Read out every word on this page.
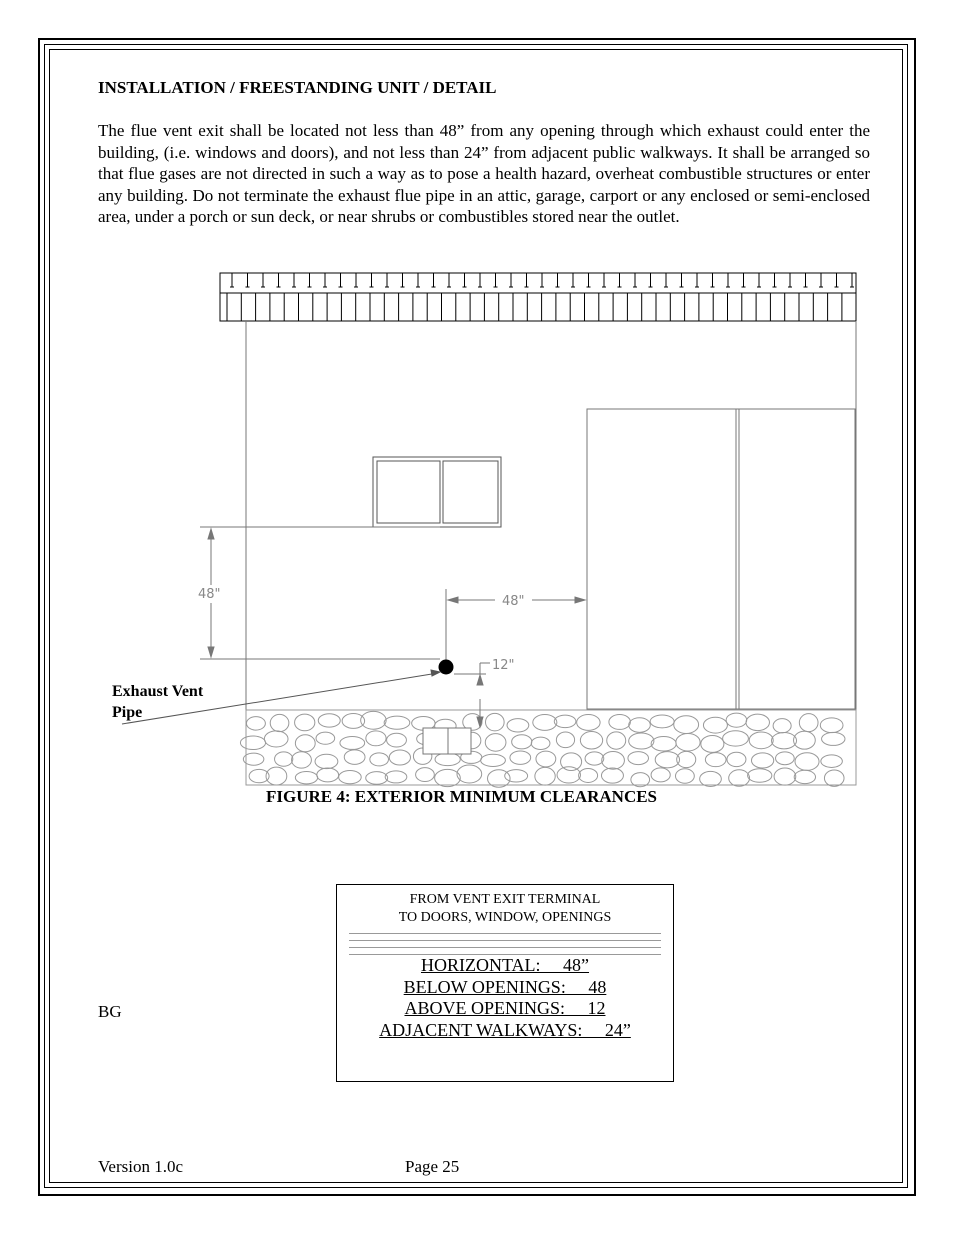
INSTALLATION / FREESTANDING UNIT / DETAIL
The flue vent exit shall be located not less than 48” from any opening through which exhaust could enter the building, (i.e. windows and doors), and not less than 24” from adjacent public walkways. It shall be arranged so that flue gases are not directed in such a way as to pose a health hazard, overheat combustible structures or enter any building. Do not terminate the exhaust flue pipe in an attic, garage, carport or any enclosed or semi-enclosed area, under a porch or sun deck, or near shrubs or combustibles stored near the outlet.
48"	48"
12"
Exhaust Vent
Pipe
FIGURE 4: EXTERIOR MINIMUM CLEARANCES
FROM VENT EXIT TERMINAL
TO DOORS, WINDOW, OPENINGS
HORIZONTAL:     48”
BELOW OPENINGS:     48
ABOVE OPENINGS:     12
ADJACENT WALKWAYS:     24”
BG
Version 1.0c	Page 25
